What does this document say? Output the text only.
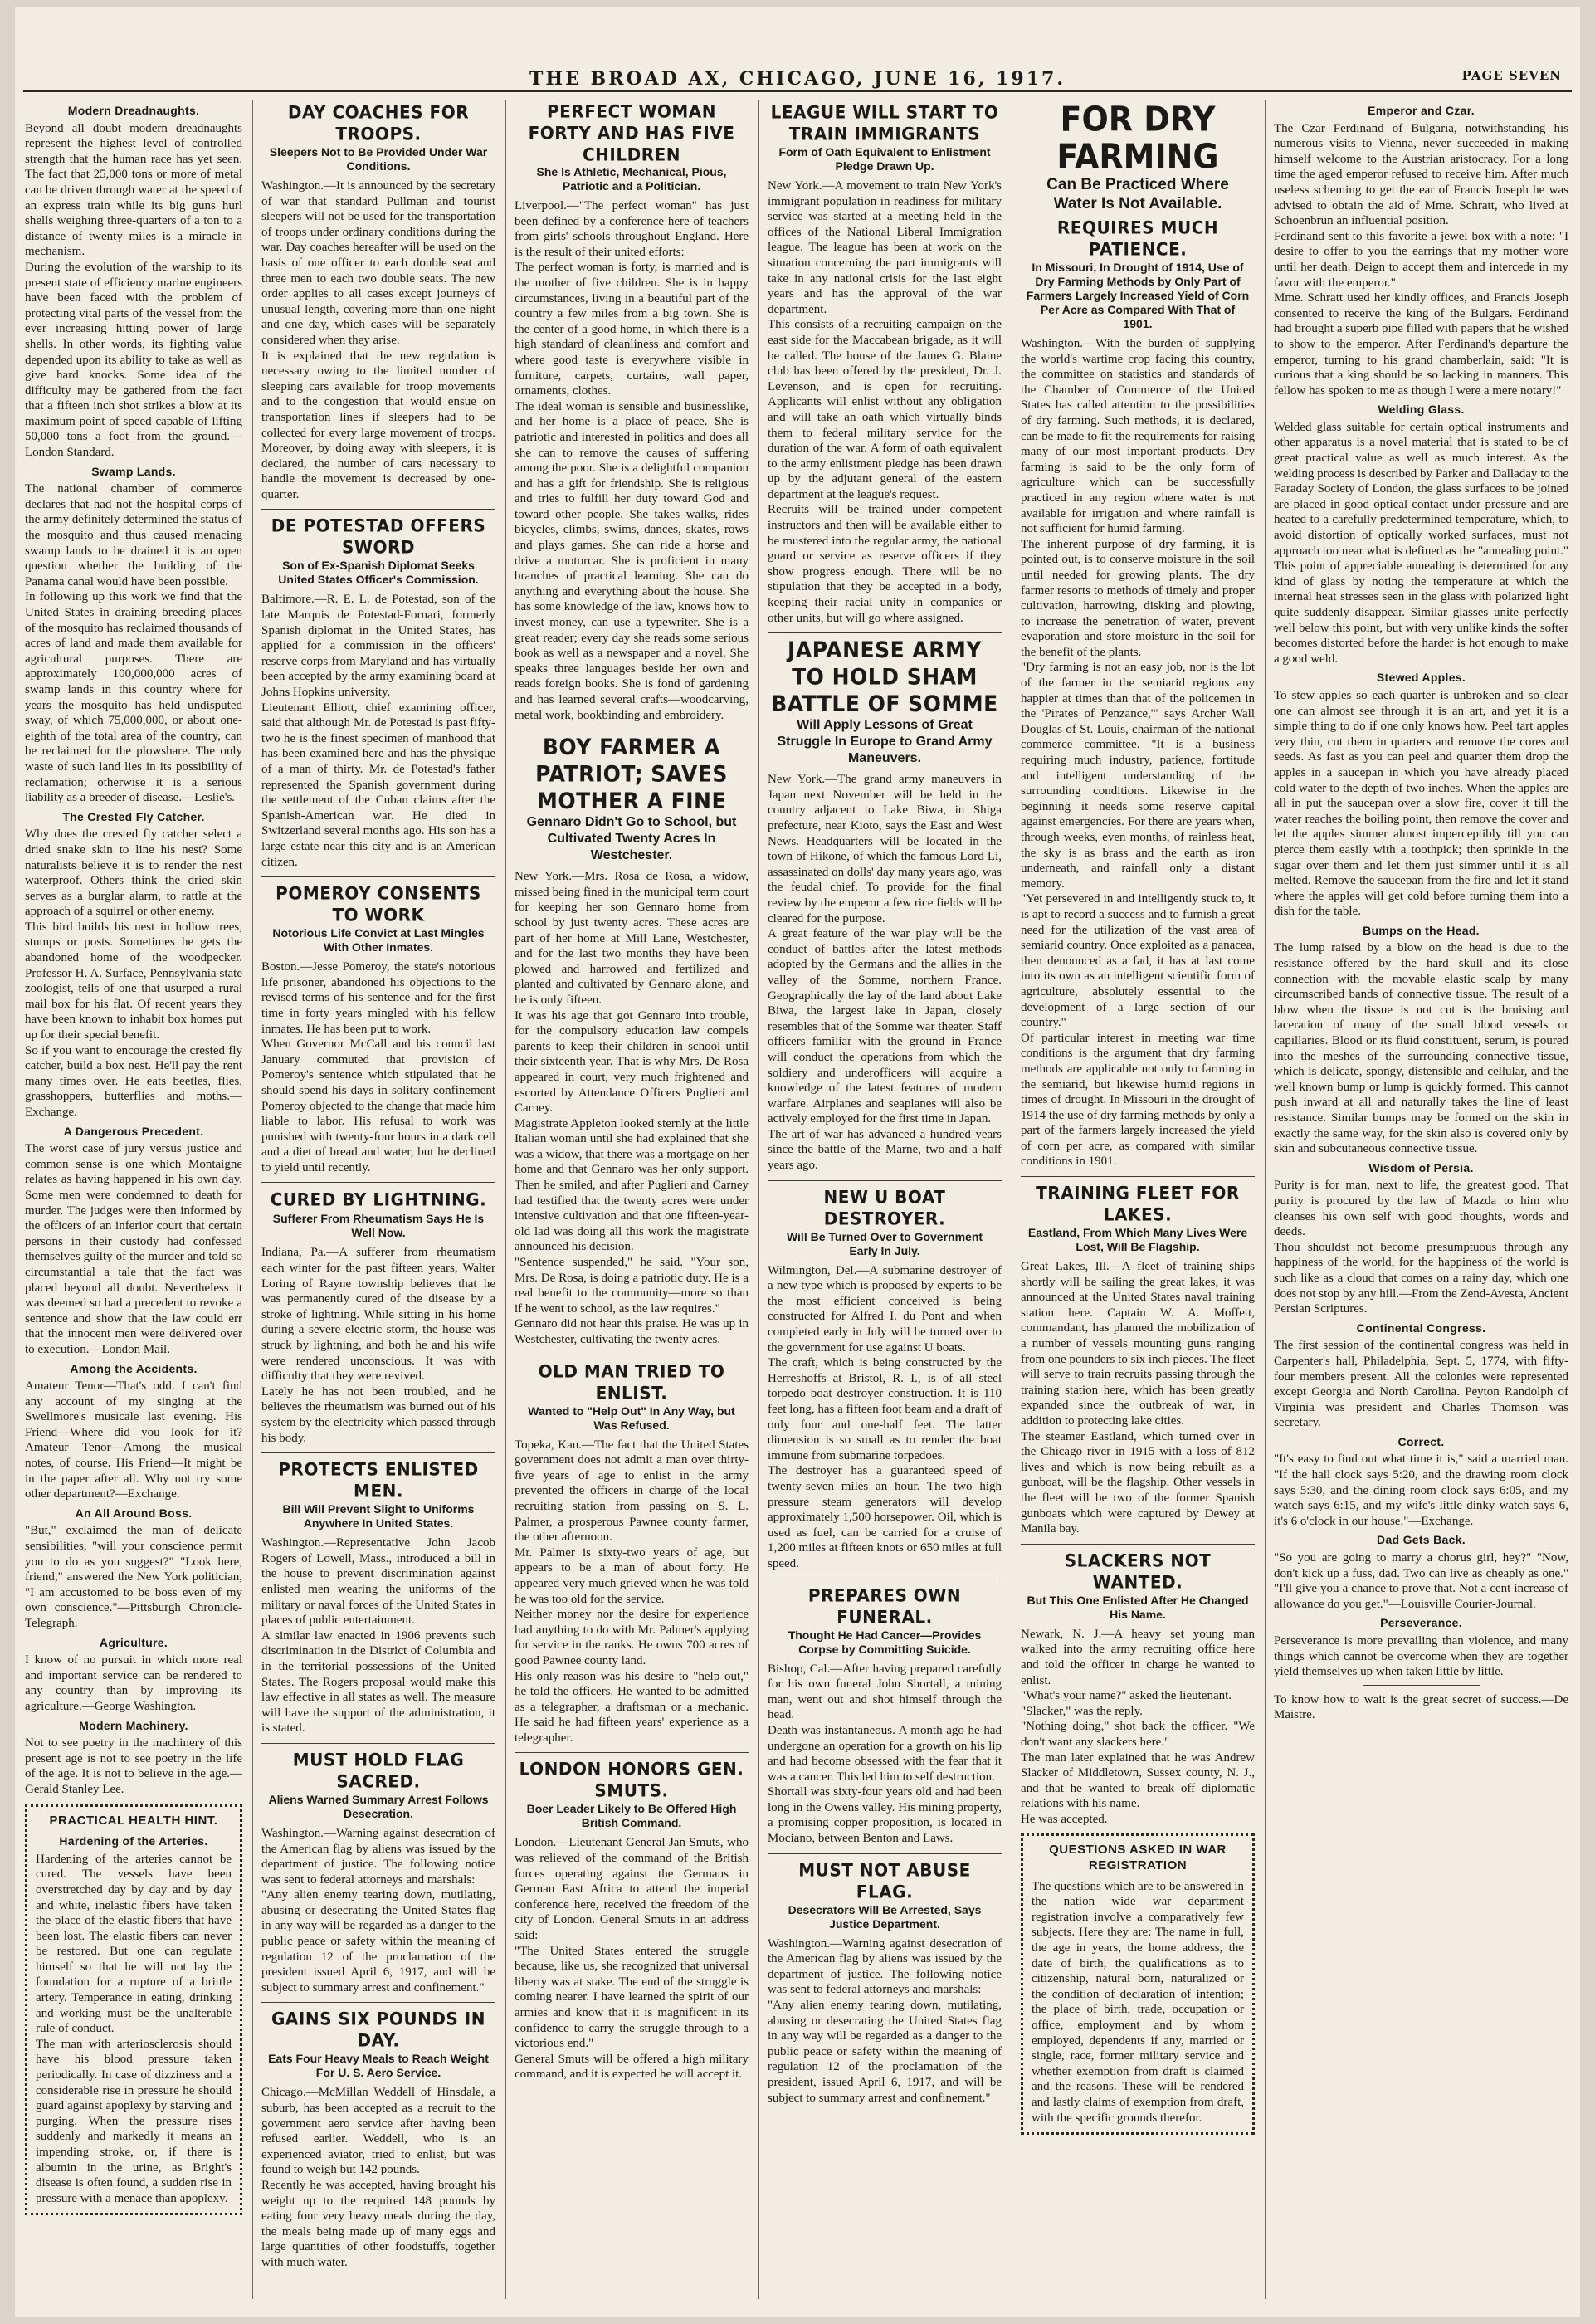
THE BROAD AX, CHICAGO, JUNE 16, 1917.	PAGE SEVEN
Modern Dreadnaughts.

Beyond all doubt modern dreadnaughts represent the highest level of controlled strength that the human race has yet seen. The fact that 25,000 tons or more of metal can be driven through water at the speed of an express train while its big guns hurl shells weighing three-quarters of a ton to a distance of twenty miles is a miracle in mechanism.

During the evolution of the warship to its present state of efficiency marine engineers have been faced with the problem of protecting vital parts of the vessel from the ever increasing hitting power of large shells. In other words, its fighting value depended upon its ability to take as well as give hard knocks. Some idea of the difficulty may be gathered from the fact that a fifteen inch shot strikes a blow at its maximum point of speed capable of lifting 50,000 tons a foot from the ground.—London Standard.

Swamp Lands.

The national chamber of commerce declares that had not the hospital corps of the army definitely determined the status of the mosquito and thus caused menacing swamp lands to be drained it is an open question whether the building of the Panama canal would have been possible.

In following up this work we find that the United States in draining breeding places of the mosquito has reclaimed thousands of acres of land and made them available for agricultural purposes. There are approximately 100,000,000 acres of swamp lands in this country where for years the mosquito has held undisputed sway, of which 75,000,000, or about one-eighth of the total area of the country, can be reclaimed for the plowshare. The only waste of such land lies in its possibility of reclamation; otherwise it is a serious liability as a breeder of disease.—Leslie's.

The Crested Fly Catcher.

Why does the crested fly catcher select a dried snake skin to line his nest? Some naturalists believe it is to render the nest waterproof. Others think the dried skin serves as a burglar alarm, to rattle at the approach of a squirrel or other enemy.

This bird builds his nest in hollow trees, stumps or posts. Sometimes he gets the abandoned home of the woodpecker. Professor H. A. Surface, Pennsylvania state zoologist, tells of one that usurped a rural mail box for his flat. Of recent years they have been known to inhabit box homes put up for their special benefit.

So if you want to encourage the crested fly catcher, build a box nest. He'll pay the rent many times over. He eats beetles, flies, grasshoppers, butterflies and moths.—Exchange.

A Dangerous Precedent.

The worst case of jury versus justice and common sense is one which Montaigne relates as having happened in his own day. Some men were condemned to death for murder. The judges were then informed by the officers of an inferior court that certain persons in their custody had confessed themselves guilty of the murder and told so circumstantial a tale that the fact was placed beyond all doubt. Nevertheless it was deemed so bad a precedent to revoke a sentence and show that the law could err that the innocent men were delivered over to execution.—London Mail.

Among the Accidents.

Amateur Tenor—That's odd. I can't find any account of my singing at the Swellmore's musicale last evening. His Friend—Where did you look for it? Amateur Tenor—Among the musical notes, of course. His Friend—It might be in the paper after all. Why not try some other department?—Exchange.

An All Around Boss.

"But," exclaimed the man of delicate sensibilities, "will your conscience permit you to do as you suggest?" "Look here, friend," answered the New York politician, "I am accustomed to be boss even of my own conscience."—Pittsburgh Chronicle-Telegraph.

Agriculture.

I know of no pursuit in which more real and important service can be rendered to any country than by improving its agriculture.—George Washington.

Modern Machinery.

Not to see poetry in the machinery of this present age is not to see poetry in the life of the age. It is not to believe in the age.—Gerald Stanley Lee.

PRACTICAL HEALTH HINT.
Hardening of the Arteries.

Hardening of the arteries cannot be cured. The vessels have been overstretched day by day and by day and white, inelastic fibers have taken the place of the elastic fibers that have been lost. The elastic fibers can never be restored. But one can regulate himself so that he will not lay the foundation for a rupture of a brittle artery. Temperance in eating, drinking and working must be the unalterable rule of conduct.

The man with arteriosclerosis should have his blood pressure taken periodically. In case of dizziness and a considerable rise in pressure he should guard against apoplexy by starving and purging. When the pressure rises suddenly and markedly it means an impending stroke, or, if there is albumin in the urine, as Bright's disease is often found, a sudden rise in pressure with a menace than apoplexy.

DAY COACHES FOR TROOPS.
Sleepers Not to Be Provided Under War Conditions.

Washington.—It is announced by the secretary of war that standard Pullman and tourist sleepers will not be used for the transportation of troops under ordinary conditions during the war. Day coaches hereafter will be used on the basis of one officer to each double seat and three men to each two double seats. The new order applies to all cases except journeys of unusual length, covering more than one night and one day, which cases will be separately considered when they arise.

It is explained that the new regulation is necessary owing to the limited number of sleeping cars available for troop movements and to the congestion that would ensue on transportation lines if sleepers had to be collected for every large movement of troops. Moreover, by doing away with sleepers, it is declared, the number of cars necessary to handle the movement is decreased by one-quarter.

DE POTESTAD OFFERS SWORD
Son of Ex-Spanish Diplomat Seeks United States Officer's Commission.

Baltimore.—R. E. L. de Potestad, son of the late Marquis de Potestad-Fornari, formerly Spanish diplomat in the United States, has applied for a commission in the officers' reserve corps from Maryland and has virtually been accepted by the army examining board at Johns Hopkins university.

Lieutenant Elliott, chief examining officer, said that although Mr. de Potestad is past fifty-two he is the finest specimen of manhood that has been examined here and has the physique of a man of thirty. Mr. de Potestad's father represented the Spanish government during the settlement of the Cuban claims after the Spanish-American war. He died in Switzerland several months ago. His son has a large estate near this city and is an American citizen.

POMEROY CONSENTS TO WORK
Notorious Life Convict at Last Mingles With Other Inmates.

Boston.—Jesse Pomeroy, the state's notorious life prisoner, abandoned his objections to the revised terms of his sentence and for the first time in forty years mingled with his fellow inmates. He has been put to work.

When Governor McCall and his council last January commuted that provision of Pomeroy's sentence which stipulated that he should spend his days in solitary confinement Pomeroy objected to the change that made him liable to labor. His refusal to work was punished with twenty-four hours in a dark cell and a diet of bread and water, but he declined to yield until recently.

CURED BY LIGHTNING.
Sufferer From Rheumatism Says He Is Well Now.

Indiana, Pa.—A sufferer from rheumatism each winter for the past fifteen years, Walter Loring of Rayne township believes that he was permanently cured of the disease by a stroke of lightning. While sitting in his home during a severe electric storm, the house was struck by lightning, and both he and his wife were rendered unconscious. It was with difficulty that they were revived.

Lately he has not been troubled, and he believes the rheumatism was burned out of his system by the electricity which passed through his body.

PROTECTS ENLISTED MEN.
Bill Will Prevent Slight to Uniforms Anywhere In United States.

Washington.—Representative John Jacob Rogers of Lowell, Mass., introduced a bill in the house to prevent discrimination against enlisted men wearing the uniforms of the military or naval forces of the United States in places of public entertainment.

A similar law enacted in 1906 prevents such discrimination in the District of Columbia and in the territorial possessions of the United States. The Rogers proposal would make this law effective in all states as well. The measure will have the support of the administration, it is stated.

MUST HOLD FLAG SACRED.
Aliens Warned Summary Arrest Follows Desecration.

Washington.—Warning against desecration of the American flag by aliens was issued by the department of justice. The following notice was sent to federal attorneys and marshals:

"Any alien enemy tearing down, mutilating, abusing or desecrating the United States flag in any way will be regarded as a danger to the public peace or safety within the meaning of regulation 12 of the proclamation of the president issued April 6, 1917, and will be subject to summary arrest and confinement."

GAINS SIX POUNDS IN DAY.
Eats Four Heavy Meals to Reach Weight For U. S. Aero Service.

Chicago.—McMillan Weddell of Hinsdale, a suburb, has been accepted as a recruit to the government aero service after having been refused earlier. Weddell, who is an experienced aviator, tried to enlist, but was found to weigh but 142 pounds.

Recently he was accepted, having brought his weight up to the required 148 pounds by eating four very heavy meals during the day, the meals being made up of many eggs and large quantities of other foodstuffs, together with much water.

PERFECT WOMAN FORTY AND HAS FIVE CHILDREN
She Is Athletic, Mechanical, Pious, Patriotic and a Politician.

Liverpool.—"The perfect woman" has just been defined by a conference here of teachers from girls' schools throughout England. Here is the result of their united efforts:

The perfect woman is forty, is married and is the mother of five children. She is in happy circumstances, living in a beautiful part of the country a few miles from a big town. She is the center of a good home, in which there is a high standard of cleanliness and comfort and where good taste is everywhere visible in furniture, carpets, curtains, wall paper, ornaments, clothes.

The ideal woman is sensible and businesslike, and her home is a place of peace. She is patriotic and interested in politics and does all she can to remove the causes of suffering among the poor. She is a delightful companion and has a gift for friendship. She is religious and tries to fulfill her duty toward God and toward other people. She takes walks, rides bicycles, climbs, swims, dances, skates, rows and plays games. She can ride a horse and drive a motorcar. She is proficient in many branches of practical learning. She can do anything and everything about the house. She has some knowledge of the law, knows how to invest money, can use a typewriter. She is a great reader; every day she reads some serious book as well as a newspaper and a novel. She speaks three languages beside her own and reads foreign books. She is fond of gardening and has learned several crafts—woodcarving, metal work, bookbinding and embroidery.

BOY FARMER A PATRIOT; SAVES MOTHER A FINE
Gennaro Didn't Go to School, but Cultivated Twenty Acres In Westchester.

New York.—Mrs. Rosa de Rosa, a widow, missed being fined in the municipal term court for keeping her son Gennaro home from school by just twenty acres. These acres are part of her home at Mill Lane, Westchester, and for the last two months they have been plowed and harrowed and fertilized and planted and cultivated by Gennaro alone, and he is only fifteen.

It was his age that got Gennaro into trouble, for the compulsory education law compels parents to keep their children in school until their sixteenth year. That is why Mrs. De Rosa appeared in court, very much frightened and escorted by Attendance Officers Puglieri and Carney.

Magistrate Appleton looked sternly at the little Italian woman until she had explained that she was a widow, that there was a mortgage on her home and that Gennaro was her only support. Then he smiled, and after Puglieri and Carney had testified that the twenty acres were under intensive cultivation and that one fifteen-year-old lad was doing all this work the magistrate announced his decision.

"Sentence suspended," he said. "Your son, Mrs. De Rosa, is doing a patriotic duty. He is a real benefit to the community—more so than if he went to school, as the law requires."

Gennaro did not hear this praise. He was up in Westchester, cultivating the twenty acres.

OLD MAN TRIED TO ENLIST.
Wanted to "Help Out" In Any Way, but Was Refused.

Topeka, Kan.—The fact that the United States government does not admit a man over thirty-five years of age to enlist in the army prevented the officers in charge of the local recruiting station from passing on S. L. Palmer, a prosperous Pawnee county farmer, the other afternoon.

Mr. Palmer is sixty-two years of age, but appears to be a man of about forty. He appeared very much grieved when he was told he was too old for the service.

Neither money nor the desire for experience had anything to do with Mr. Palmer's applying for service in the ranks. He owns 700 acres of good Pawnee county land.

His only reason was his desire to "help out," he told the officers. He wanted to be admitted as a telegrapher, a draftsman or a mechanic. He said he had fifteen years' experience as a telegrapher.

LONDON HONORS GEN. SMUTS.
Boer Leader Likely to Be Offered High British Command.

London.—Lieutenant General Jan Smuts, who was relieved of the command of the British forces operating against the Germans in German East Africa to attend the imperial conference here, received the freedom of the city of London. General Smuts in an address said:

"The United States entered the struggle because, like us, she recognized that universal liberty was at stake. The end of the struggle is coming nearer. I have learned the spirit of our armies and know that it is magnificent in its confidence to carry the struggle through to a victorious end."

General Smuts will be offered a high military command, and it is expected he will accept it.

LEAGUE WILL START TO TRAIN IMMIGRANTS
Form of Oath Equivalent to Enlistment Pledge Drawn Up.

New York.—A movement to train New York's immigrant population in readiness for military service was started at a meeting held in the offices of the National Liberal Immigration league. The league has been at work on the situation concerning the part immigrants will take in any national crisis for the last eight years and has the approval of the war department.

This consists of a recruiting campaign on the east side for the Maccabean brigade, as it will be called. The house of the James G. Blaine club has been offered by the president, Dr. J. Levenson, and is open for recruiting. Applicants will enlist without any obligation and will take an oath which virtually binds them to federal military service for the duration of the war. A form of oath equivalent to the army enlistment pledge has been drawn up by the adjutant general of the eastern department at the league's request.

Recruits will be trained under competent instructors and then will be available either to be mustered into the regular army, the national guard or service as reserve officers if they show progress enough. There will be no stipulation that they be accepted in a body, keeping their racial unity in companies or other units, but will go where assigned.

JAPANESE ARMY TO HOLD SHAM BATTLE OF SOMME
Will Apply Lessons of Great Struggle In Europe to Grand Army Maneuvers.

New York.—The grand army maneuvers in Japan next November will be held in the country adjacent to Lake Biwa, in Shiga prefecture, near Kioto, says the East and West News. Headquarters will be located in the town of Hikone, of which the famous Lord Li, assassinated on dolls' day many years ago, was the feudal chief. To provide for the final review by the emperor a few rice fields will be cleared for the purpose.

A great feature of the war play will be the conduct of battles after the latest methods adopted by the Germans and the allies in the valley of the Somme, northern France. Geographically the lay of the land about Lake Biwa, the largest lake in Japan, closely resembles that of the Somme war theater. Staff officers familiar with the ground in France will conduct the operations from which the soldiery and underofficers will acquire a knowledge of the latest features of modern warfare. Airplanes and seaplanes will also be actively employed for the first time in Japan.

The art of war has advanced a hundred years since the battle of the Marne, two and a half years ago.

NEW U BOAT DESTROYER.
Will Be Turned Over to Government Early In July.

Wilmington, Del.—A submarine destroyer of a new type which is proposed by experts to be the most efficient conceived is being constructed for Alfred I. du Pont and when completed early in July will be turned over to the government for use against U boats.

The craft, which is being constructed by the Herreshoffs at Bristol, R. I., is of all steel torpedo boat destroyer construction. It is 110 feet long, has a fifteen foot beam and a draft of only four and one-half feet. The latter dimension is so small as to render the boat immune from submarine torpedoes.

The destroyer has a guaranteed speed of twenty-seven miles an hour. The two high pressure steam generators will develop approximately 1,500 horsepower. Oil, which is used as fuel, can be carried for a cruise of 1,200 miles at fifteen knots or 650 miles at full speed.

PREPARES OWN FUNERAL.
Thought He Had Cancer—Provides Corpse by Committing Suicide.

Bishop, Cal.—After having prepared carefully for his own funeral John Shortall, a mining man, went out and shot himself through the head.

Death was instantaneous. A month ago he had undergone an operation for a growth on his lip and had become obsessed with the fear that it was a cancer. This led him to self destruction.

Shortall was sixty-four years old and had been long in the Owens valley. His mining property, a promising copper proposition, is located in Mociano, between Benton and Laws.

MUST NOT ABUSE FLAG.
Desecrators Will Be Arrested, Says Justice Department.

Washington.—Warning against desecration of the American flag by aliens was issued by the department of justice. The following notice was sent to federal attorneys and marshals:

"Any alien enemy tearing down, mutilating, abusing or desecrating the United States flag in any way will be regarded as a danger to the public peace or safety within the meaning of regulation 12 of the proclamation of the president, issued April 6, 1917, and will be subject to summary arrest and confinement."

FOR DRY FARMING
Can Be Practiced Where Water Is Not Available.
REQUIRES MUCH PATIENCE.
In Missouri, In Drought of 1914, Use of Dry Farming Methods by Only Part of Farmers Largely Increased Yield of Corn Per Acre as Compared With That of 1901.

Washington.—With the burden of supplying the world's wartime crop facing this country, the committee on statistics and standards of the Chamber of Commerce of the United States has called attention to the possibilities of dry farming. Such methods, it is declared, can be made to fit the requirements for raising many of our most important products. Dry farming is said to be the only form of agriculture which can be successfully practiced in any region where water is not available for irrigation and where rainfall is not sufficient for humid farming.

The inherent purpose of dry farming, it is pointed out, is to conserve moisture in the soil until needed for growing plants. The dry farmer resorts to methods of timely and proper cultivation, harrowing, disking and plowing, to increase the penetration of water, prevent evaporation and store moisture in the soil for the benefit of the plants.

"Dry farming is not an easy job, nor is the lot of the farmer in the semiarid regions any happier at times than that of the policemen in the 'Pirates of Penzance,'" says Archer Wall Douglas of St. Louis, chairman of the national commerce committee. "It is a business requiring much industry, patience, fortitude and intelligent understanding of the surrounding conditions. Likewise in the beginning it needs some reserve capital against emergencies. For there are years when, through weeks, even months, of rainless heat, the sky is as brass and the earth as iron underneath, and rainfall only a distant memory.

"Yet persevered in and intelligently stuck to, it is apt to record a success and to furnish a great need for the utilization of the vast area of semiarid country. Once exploited as a panacea, then denounced as a fad, it has at last come into its own as an intelligent scientific form of agriculture, absolutely essential to the development of a large section of our country."

Of particular interest in meeting war time conditions is the argument that dry farming methods are applicable not only to farming in the semiarid, but likewise humid regions in times of drought. In Missouri in the drought of 1914 the use of dry farming methods by only a part of the farmers largely increased the yield of corn per acre, as compared with similar conditions in 1901.

TRAINING FLEET FOR LAKES.
Eastland, From Which Many Lives Were Lost, Will Be Flagship.

Great Lakes, Ill.—A fleet of training ships shortly will be sailing the great lakes, it was announced at the United States naval training station here. Captain W. A. Moffett, commandant, has planned the mobilization of a number of vessels mounting guns ranging from one pounders to six inch pieces. The fleet will serve to train recruits passing through the training station here, which has been greatly expanded since the outbreak of war, in addition to protecting lake cities.

The steamer Eastland, which turned over in the Chicago river in 1915 with a loss of 812 lives and which is now being rebuilt as a gunboat, will be the flagship. Other vessels in the fleet will be two of the former Spanish gunboats which were captured by Dewey at Manila bay.

SLACKERS NOT WANTED.
But This One Enlisted After He Changed His Name.

Newark, N. J.—A heavy set young man walked into the army recruiting office here and told the officer in charge he wanted to enlist.

"What's your name?" asked the lieutenant.

"Slacker," was the reply.

"Nothing doing," shot back the officer. "We don't want any slackers here."

The man later explained that he was Andrew Slacker of Middletown, Sussex county, N. J., and that he wanted to break off diplomatic relations with his name.

He was accepted.

QUESTIONS ASKED IN WAR REGISTRATION

The questions which are to be answered in the nation wide war department registration involve a comparatively few subjects. Here they are: The name in full, the age in years, the home address, the date of birth, the qualifications as to citizenship, natural born, naturalized or the condition of declaration of intention; the place of birth, trade, occupation or office, employment and by whom employed, dependents if any, married or single, race, former military service and whether exemption from draft is claimed and the reasons. These will be rendered and lastly claims of exemption from draft, with the specific grounds therefor.

Emperor and Czar.

The Czar Ferdinand of Bulgaria, notwithstanding his numerous visits to Vienna, never succeeded in making himself welcome to the Austrian aristocracy. For a long time the aged emperor refused to receive him. After much useless scheming to get the ear of Francis Joseph he was advised to obtain the aid of Mme. Schratt, who lived at Schoenbrun an influential position.

Ferdinand sent to this favorite a jewel box with a note: "I desire to offer to you the earrings that my mother wore until her death. Deign to accept them and intercede in my favor with the emperor."

Mme. Schratt used her kindly offices, and Francis Joseph consented to receive the king of the Bulgars. Ferdinand had brought a superb pipe filled with papers that he wished to show to the emperor. After Ferdinand's departure the emperor, turning to his grand chamberlain, said: "It is curious that a king should be so lacking in manners. This fellow has spoken to me as though I were a mere notary!"

Welding Glass.

Welded glass suitable for certain optical instruments and other apparatus is a novel material that is stated to be of great practical value as well as much interest. As the welding process is described by Parker and Dalladay to the Faraday Society of London, the glass surfaces to be joined are placed in good optical contact under pressure and are heated to a carefully predetermined temperature, which, to avoid distortion of optically worked surfaces, must not approach too near what is defined as the "annealing point." This point of appreciable annealing is determined for any kind of glass by noting the temperature at which the internal heat stresses seen in the glass with polarized light quite suddenly disappear. Similar glasses unite perfectly well below this point, but with very unlike kinds the softer becomes distorted before the harder is hot enough to make a good weld.

Stewed Apples.

To stew apples so each quarter is unbroken and so clear one can almost see through it is an art, and yet it is a simple thing to do if one only knows how. Peel tart apples very thin, cut them in quarters and remove the cores and seeds. As fast as you can peel and quarter them drop the apples in a saucepan in which you have already placed cold water to the depth of two inches. When the apples are all in put the saucepan over a slow fire, cover it till the water reaches the boiling point, then remove the cover and let the apples simmer almost imperceptibly till you can pierce them easily with a toothpick; then sprinkle in the sugar over them and let them just simmer until it is all melted. Remove the saucepan from the fire and let it stand where the apples will get cold before turning them into a dish for the table.

Bumps on the Head.

The lump raised by a blow on the head is due to the resistance offered by the hard skull and its close connection with the movable elastic scalp by many circumscribed bands of connective tissue. The result of a blow when the tissue is not cut is the bruising and laceration of many of the small blood vessels or capillaries. Blood or its fluid constituent, serum, is poured into the meshes of the surrounding connective tissue, which is delicate, spongy, distensible and cellular, and the well known bump or lump is quickly formed. This cannot push inward at all and naturally takes the line of least resistance. Similar bumps may be formed on the skin in exactly the same way, for the skin also is covered only by skin and subcutaneous connective tissue.

Wisdom of Persia.

Purity is for man, next to life, the greatest good. That purity is procured by the law of Mazda to him who cleanses his own self with good thoughts, words and deeds.

Thou shouldst not become presumptuous through any happiness of the world, for the happiness of the world is such like as a cloud that comes on a rainy day, which one does not stop by any hill.—From the Zend-Avesta, Ancient Persian Scriptures.

Continental Congress.

The first session of the continental congress was held in Carpenter's hall, Philadelphia, Sept. 5, 1774, with fifty-four members present. All the colonies were represented except Georgia and North Carolina. Peyton Randolph of Virginia was president and Charles Thomson was secretary.

Correct.

"It's easy to find out what time it is," said a married man. "If the hall clock says 5:20, and the drawing room clock says 5:30, and the dining room clock says 6:05, and my watch says 6:15, and my wife's little dinky watch says 6, it's 6 o'clock in our house."—Exchange.

Dad Gets Back.

"So you are going to marry a chorus girl, hey?" "Now, don't kick up a fuss, dad. Two can live as cheaply as one." "I'll give you a chance to prove that. Not a cent increase of allowance do you get."—Louisville Courier-Journal.

Perseverance.

Perseverance is more prevailing than violence, and many things which cannot be overcome when they are together yield themselves up when taken little by little.

To know how to wait is the great secret of success.—De Maistre.
